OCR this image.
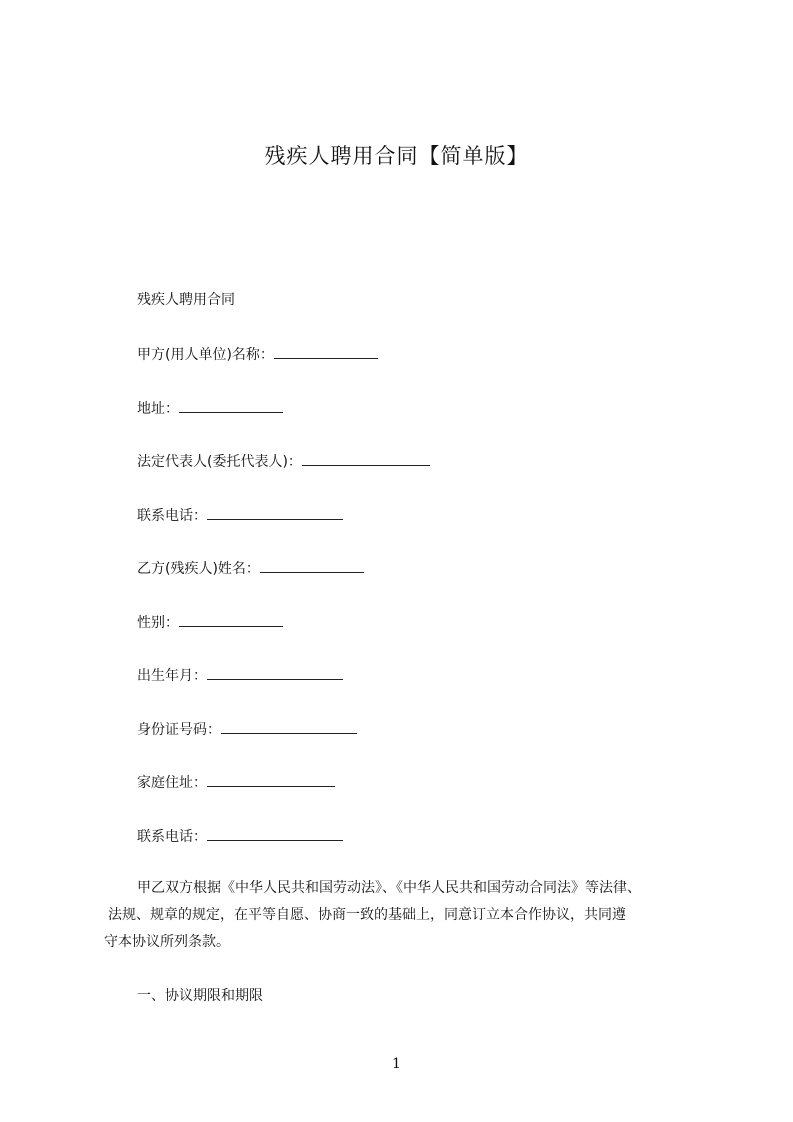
残疾人聘用合同【简单版】
残疾人聘用合同
甲方(用人单位)名称：
地址：
法定代表人(委托代表人)：
联系电话：
乙方(残疾人)姓名：
性别：
出生年月：
身份证号码：
家庭住址：
联系电话：
甲乙双方根据《中华人民共和国劳动法》、《中华人民共和国劳动合同法》等法律、
法规、规章的规定，在平等自愿、协商一致的基础上，同意订立本合作协议，共同遵
守本协议所列条款。
一、协议期限和期限
1
